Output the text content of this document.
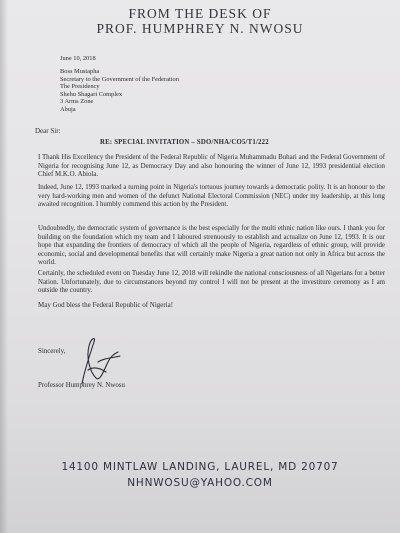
FROM THE DESK OF
PROF. HUMPHREY N. NWOSU
June 10, 2018
Boss Mustapha
Secretary to the Government of the Federation
The Presidency
Shehu Shagari Complex
3 Arms Zone
Abuja
Dear Sir:
RE: SPECIAL INVITATION – SDO/NHA/CO5/T1/222
I Thank His Excellency the President of the Federal Republic of Nigeria Muhammadu Buhari and the Federal Government of Nigeria for recognising June 12, as Democracy Day and also honouring the winner of June 12, 1993 presidential election Chief M.K.O. Abiola.
Indeed, June 12, 1993 marked a turning point in Nigeria's tortuous journey towards a democratic polity. It is an honour to the very hard-working men and women of the defunct National Electoral Commission (NEC) under my leadership, at this long awaited recognition. I humbly commend this action by the President.
Undoubtedly, the democratic system of governance is the best especially for the multi ethnic nation like ours. I thank you for building on the foundation which my team and I laboured strenuously to establish and actualize on June 12, 1993. It is our hope that expanding the frontiers of democracy of which all the people of Nigeria, regardless of ethnic group, will provide economic, social and developmental benefits that will certainly make Nigeria a great nation not only in Africa but across the world.
Certainly, the scheduled event on Tuesday June 12, 2018 will rekindle the national consciousness of all Nigerians for a better Nation. Unfortunately, due to circumstances beyond my control I will not be present at the investiture ceremony as I am outside the country.
May God bless the Federal Republic of Nigeria!
Sincerely,
Professor Humphrey N. Nwosu
14100 MINTLAW LANDING, LAUREL, MD 20707
NHNWOSU@YAHOO.COM
